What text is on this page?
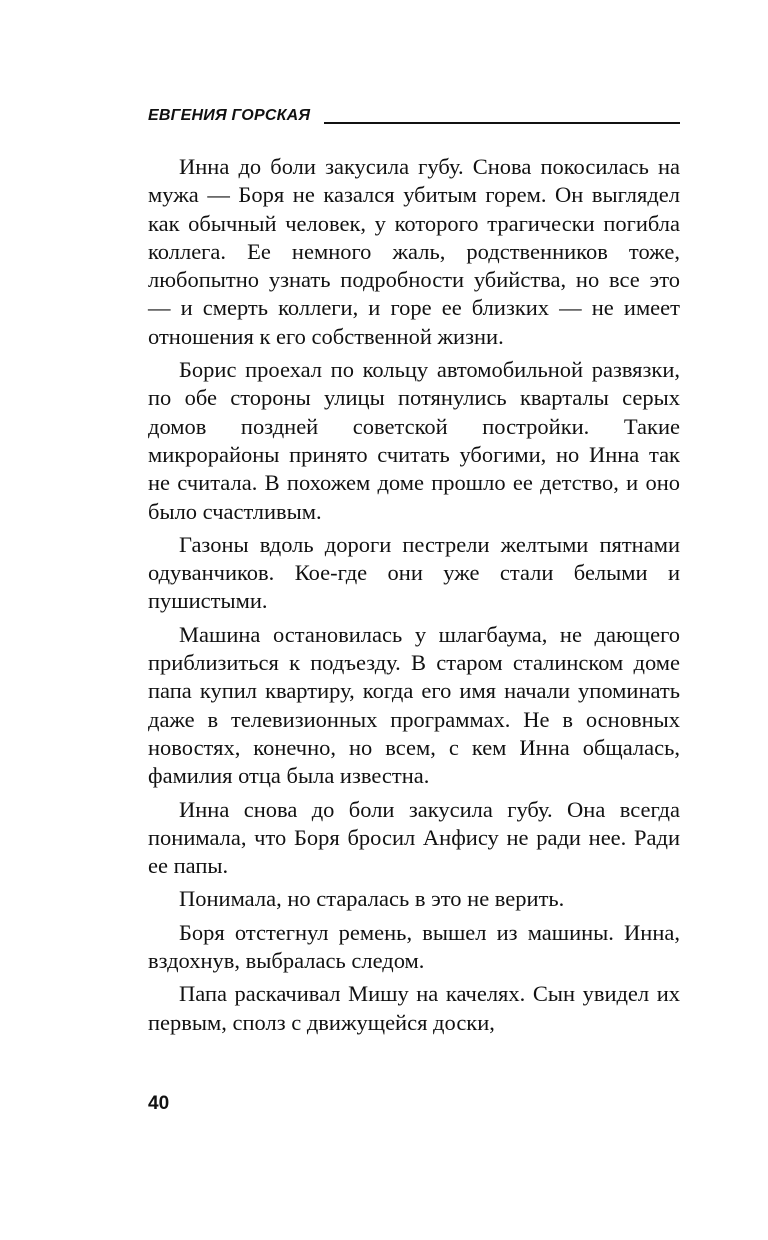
ЕВГЕНИЯ ГОРСКАЯ

Инна до боли закусила губу. Снова покосилась на мужа — Боря не казался убитым горем. Он выглядел как обычный человек, у которого трагически погибла коллега. Ее немного жаль, родственников тоже, любопытно узнать подробности убийства, но все это — и смерть коллеги, и горе ее близких — не имеет отношения к его собственной жизни.

Борис проехал по кольцу автомобильной развязки, по обе стороны улицы потянулись кварталы серых домов поздней советской постройки. Такие микрорайоны принято считать убогими, но Инна так не считала. В похожем доме прошло ее детство, и оно было счастливым.

Газоны вдоль дороги пестрели желтыми пятнами одуванчиков. Кое-где они уже стали белыми и пушистыми.

Машина остановилась у шлагбаума, не дающего приблизиться к подъезду. В старом сталинском доме папа купил квартиру, когда его имя начали упоминать даже в телевизионных программах. Не в основных новостях, конечно, но всем, с кем Инна общалась, фамилия отца была известна.

Инна снова до боли закусила губу. Она всегда понимала, что Боря бросил Анфису не ради нее. Ради ее папы.

Понимала, но старалась в это не верить.

Боря отстегнул ремень, вышел из машины. Инна, вздохнув, выбралась следом.

Папа раскачивал Мишу на качелях. Сын увидел их первым, сполз с движущейся доски,

40
